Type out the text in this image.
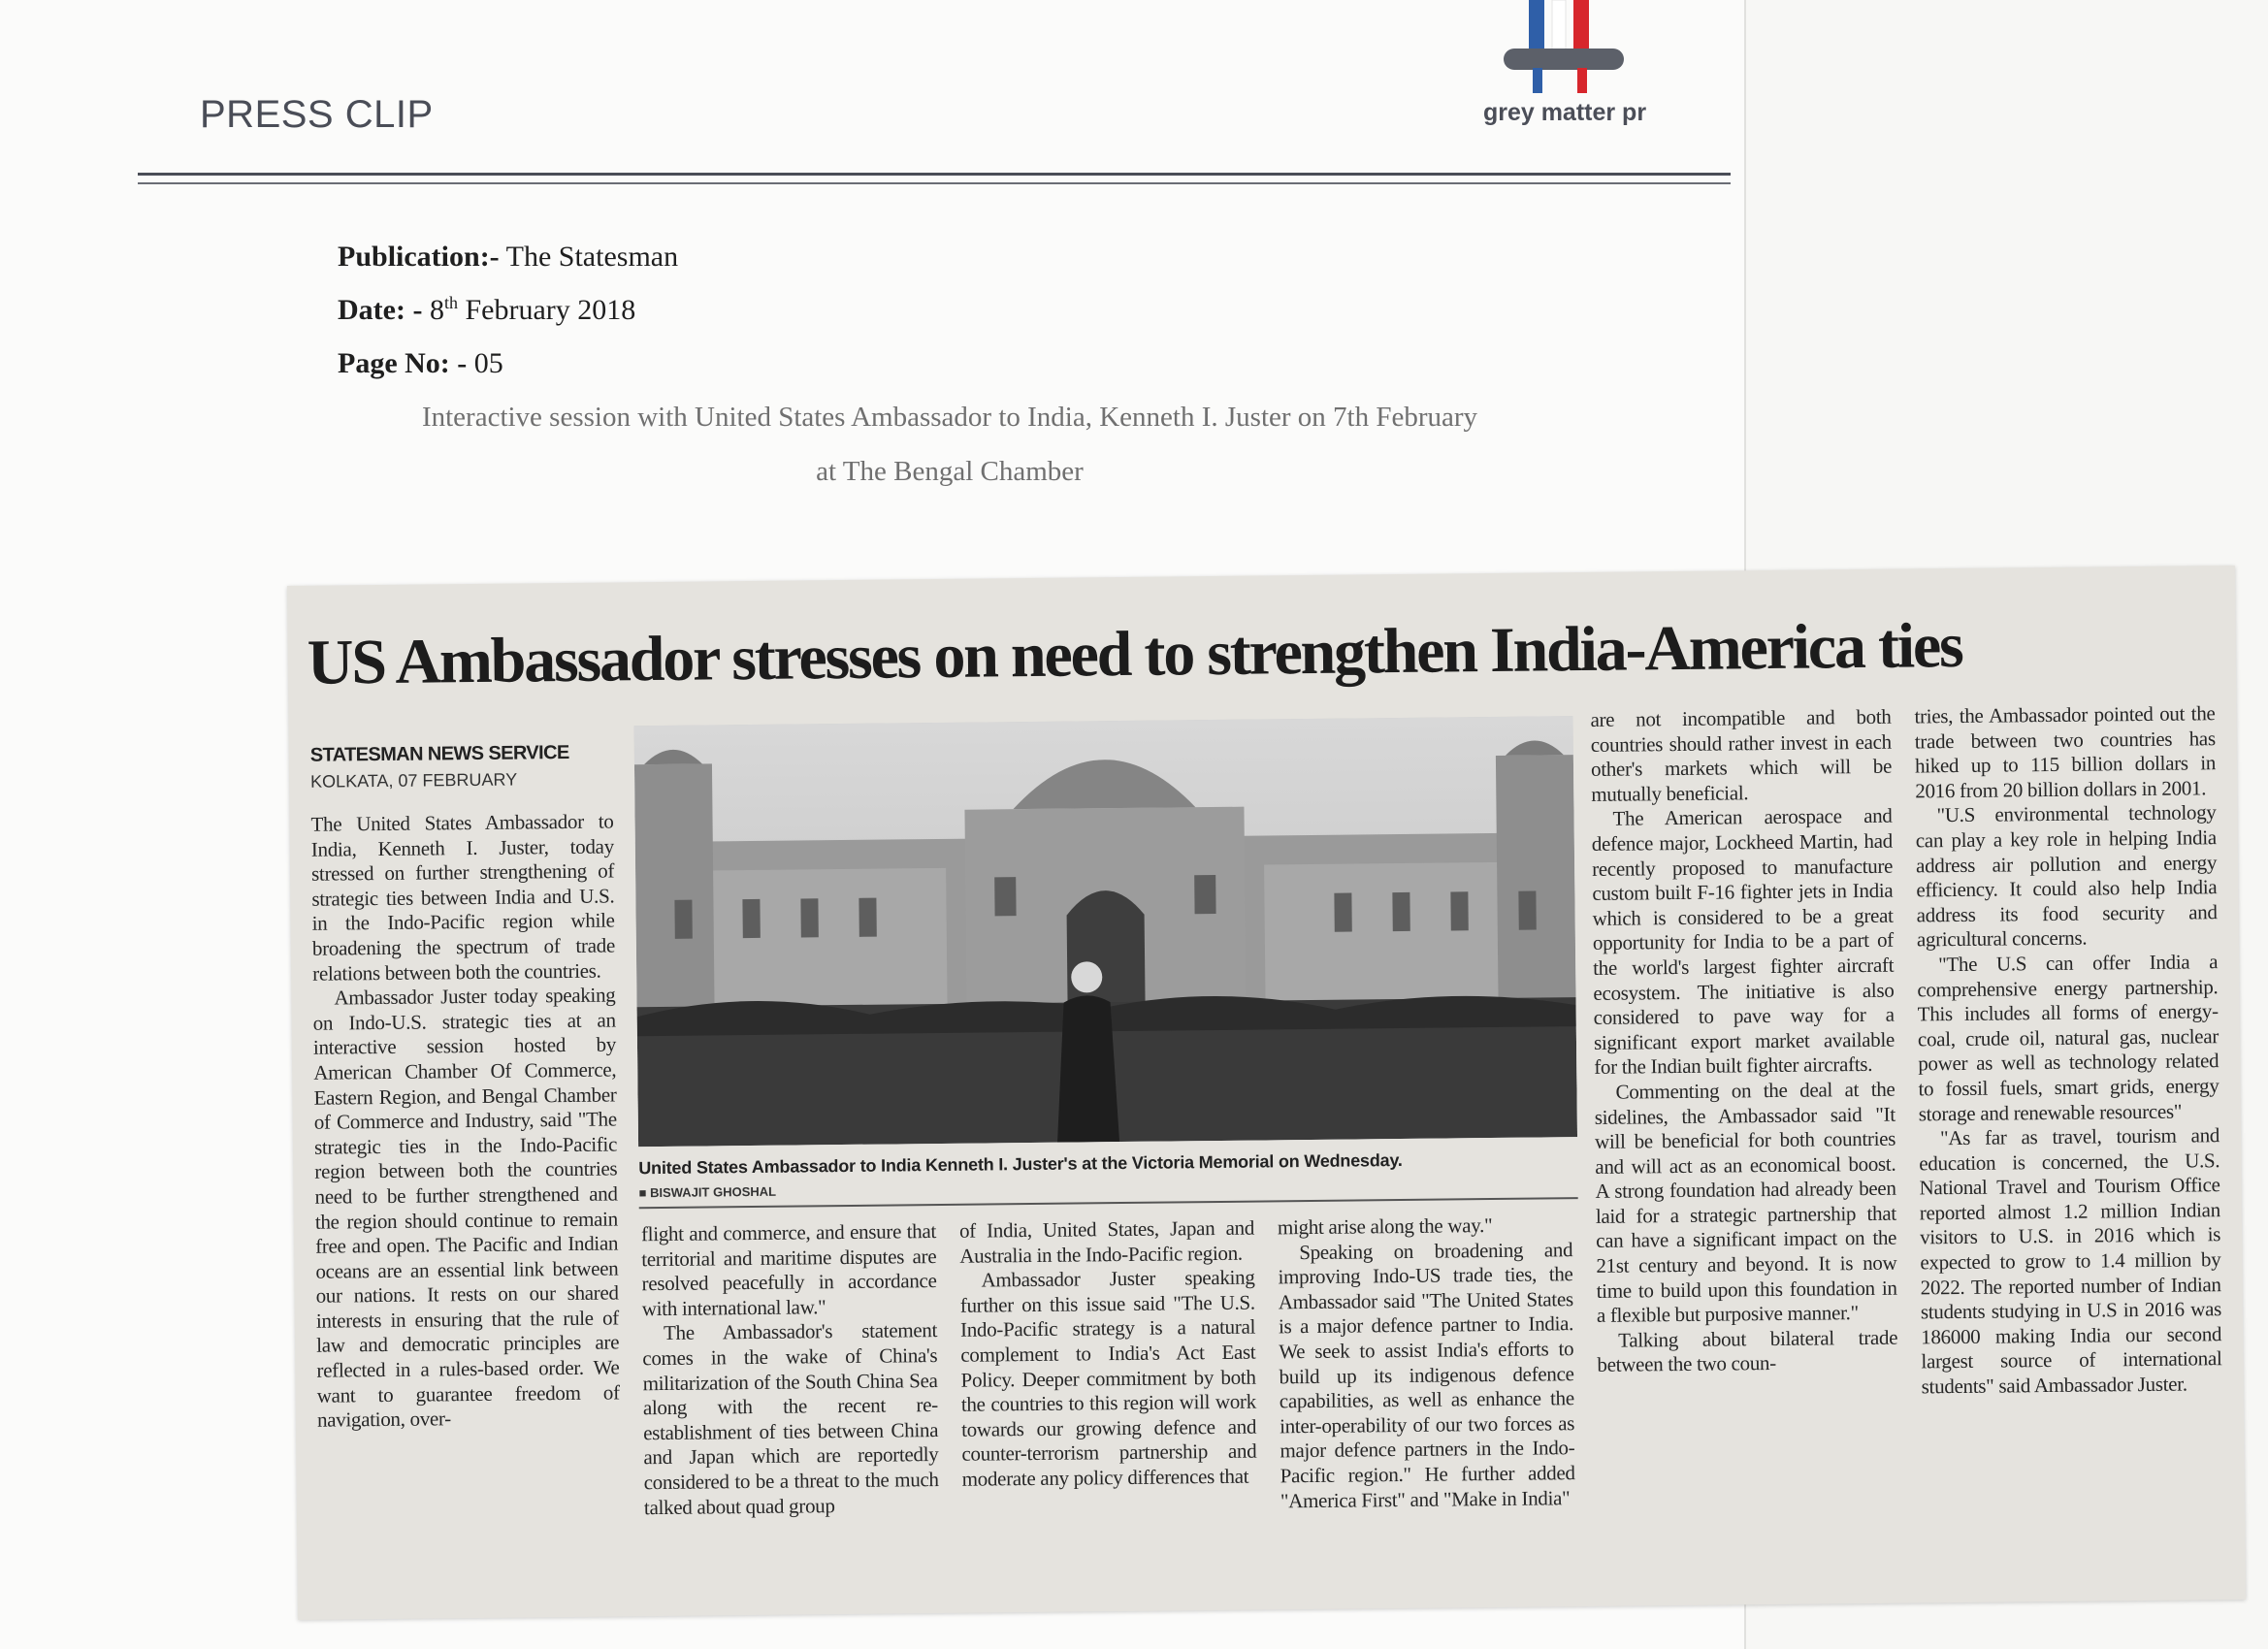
PRESS CLIP	grey matter pr
Publication:- The Statesman
Date: - 8th February 2018
Page No: - 05
Interactive session with United States Ambassador to India, Kenneth I. Juster on 7th February
at The Bengal Chamber
US Ambassador stresses on need to strengthen India-America ties
STATESMAN NEWS SERVICE
KOLKATA, 07 FEBRUARY

The United States Ambassador to India, Kenneth I. Juster, today stressed on further strengthening of strategic ties between India and U.S. in the Indo-Pacific region while broadening the spectrum of trade relations between both the countries.

Ambassador Juster today speaking on Indo-U.S. strategic ties at an interactive session hosted by American Chamber Of Commerce, Eastern Region, and Bengal Chamber of Commerce and Industry, said "The strategic ties in the Indo-Pacific region between both the countries need to be further strengthened and the region should continue to remain free and open. The Pacific and Indian oceans are an essential link between our nations. It rests on our shared interests in ensuring that the rule of law and democratic principles are reflected in a rules-based order. We want to guarantee freedom of navigation, over-

United States Ambassador to India Kenneth I. Juster's at the Victoria Memorial on Wednesday.
■ BISWAJIT GHOSHAL

flight and commerce, and ensure that territorial and maritime disputes are resolved peacefully in accordance with international law."

The Ambassador's statement comes in the wake of China's militarization of the South China Sea along with the recent re-establishment of ties between China and Japan which are reportedly considered to be a threat to the much talked about quad group

of India, United States, Japan and Australia in the Indo-Pacific region.

Ambassador Juster speaking further on this issue said "The U.S. Indo-Pacific strategy is a natural complement to India's Act East Policy. Deeper commitment by both the countries to this region will work towards our growing defence and counter-terrorism partnership and moderate any policy differences that

might arise along the way."

Speaking on broadening and improving Indo-US trade ties, the Ambassador said "The United States is a major defence partner to India. We seek to assist India's efforts to build up its indigenous defence capabilities, as well as enhance the inter-operability of our two forces as major defence partners in the Indo-Pacific region." He further added "America First" and "Make in India"

are not incompatible and both countries should rather invest in each other's markets which will be mutually beneficial.

The American aerospace and defence major, Lockheed Martin, had recently proposed to manufacture custom built F-16 fighter jets in India which is considered to be a great opportunity for India to be a part of the world's largest fighter aircraft ecosystem. The initiative is also considered to pave way for a significant export market available for the Indian built fighter aircrafts.

Commenting on the deal at the sidelines, the Ambassador said "It will be beneficial for both countries and will act as an economical boost. A strong foundation had already been laid for a strategic partnership that can have a significant impact on the 21st century and beyond. It is now time to build upon this foundation in a flexible but purposive manner."

Talking about bilateral trade between the two coun-

tries, the Ambassador pointed out the trade between two countries has hiked up to 115 billion dollars in 2016 from 20 billion dollars in 2001.

"U.S environmental technology can play a key role in helping India address air pollution and energy efficiency. It could also help India address its food security and agricultural concerns.

"The U.S can offer India a comprehensive energy partnership. This includes all forms of energy- coal, crude oil, natural gas, nuclear power as well as technology related to fossil fuels, smart grids, energy storage and renewable resources"

"As far as travel, tourism and education is concerned, the U.S. National Travel and Tourism Office reported almost 1.2 million Indian visitors to U.S. in 2016 which is expected to grow to 1.4 million by 2022. The reported number of Indian students studying in U.S in 2016 was 186000 making India our second largest source of international students" said Ambassador Juster.
